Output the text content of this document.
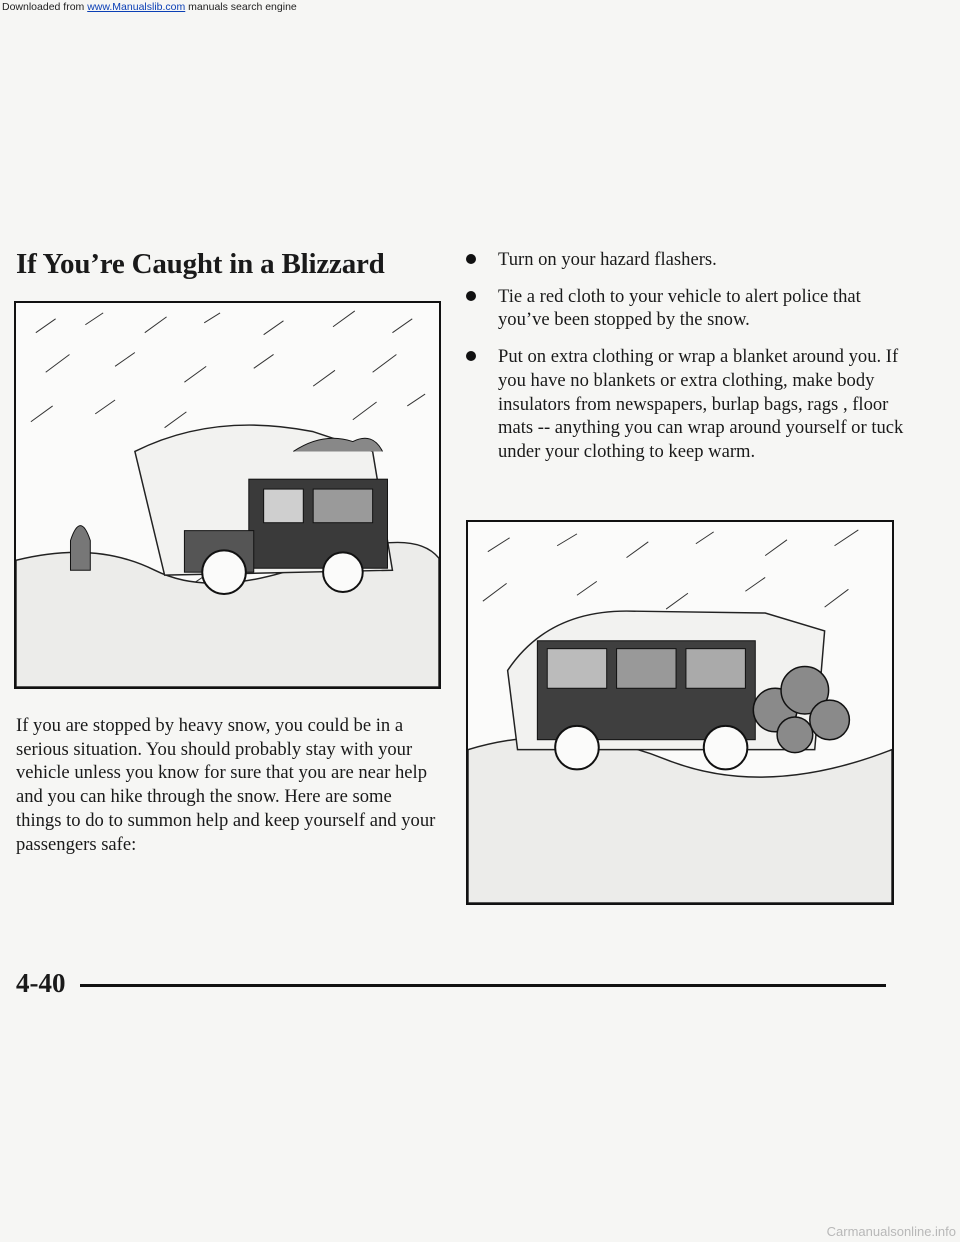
Downloaded from www.Manualslib.com manuals search engine
If You’re Caught in a Blizzard

If you are stopped by heavy snow, you could be in a serious situation. You should probably stay with your vehicle unless you know for sure that you are near help and you can hike through the snow. Here are some things to do to summon help and keep yourself and your passengers safe:

Turn on your hazard flashers.
Tie a red cloth to your vehicle to alert police that you’ve been stopped by the snow.
Put on extra clothing or wrap a blanket around you. If you have no blankets or extra clothing, make body insulators from newspapers, burlap bags, rags , floor mats -- anything you can wrap around yourself or tuck under your clothing to keep warm.
4-40
Carmanualsonline.info
